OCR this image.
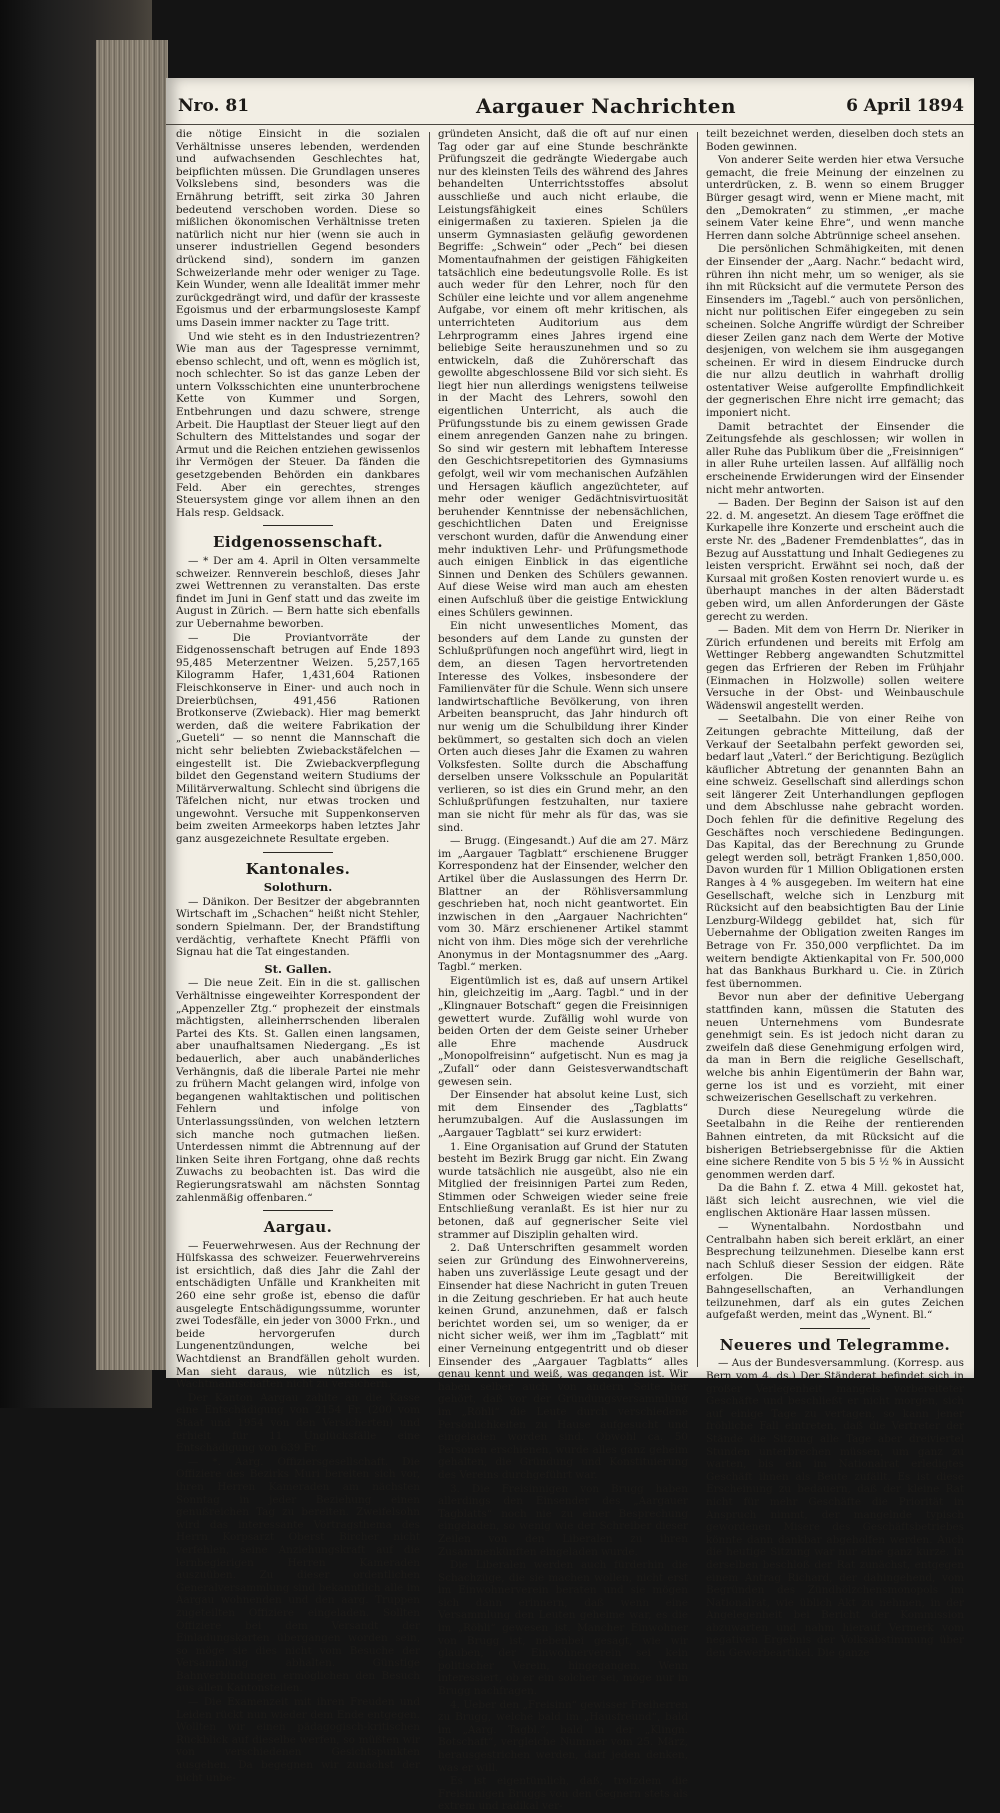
Nro. 81	Aargauer Nachrichten	6 April 1894

die nötige Einsicht in die sozialen Verhältnisse unseres lebenden, werdenden und aufwachsenden Geschlechtes hat, beipflichten müssen. Die Grundlagen unseres Volkslebens sind, besonders was die Ernährung betrifft, seit zirka 30 Jahren bedeutend verschoben worden. Diese so mißlichen ökonomischen Verhältnisse treten natürlich nicht nur hier (wenn sie auch in unserer industriellen Gegend besonders drückend sind), sondern im ganzen Schweizerlande mehr oder weniger zu Tage. Kein Wunder, wenn alle Idealität immer mehr zurückgedrängt wird, und dafür der krasseste Egoismus und der erbarmungsloseste Kampf ums Dasein immer nackter zu Tage tritt.

Und wie steht es in den Industriezentren? Wie man aus der Tagespresse vernimmt, ebenso schlecht, und oft, wenn es möglich ist, noch schlechter. So ist das ganze Leben der untern Volksschichten eine ununterbrochene Kette von Kummer und Sorgen, Entbehrungen und dazu schwere, strenge Arbeit. Die Hauptlast der Steuer liegt auf den Schultern des Mittelstandes und sogar der Armut und die Reichen entziehen gewissenlos ihr Vermögen der Steuer. Da fänden die gesetzgebenden Behörden ein dankbares Feld. Aber ein gerechtes, strenges Steuersystem ginge vor allem ihnen an den Hals resp. Geldsack.

Eidgenossenschaft.

— * Der am 4. April in Olten versammelte schweizer. Rennverein beschloß, dieses Jahr zwei Wettrennen zu veranstalten. Das erste findet im Juni in Genf statt und das zweite im August in Zürich. — Bern hatte sich ebenfalls zur Uebernahme beworben.

— Die Proviantvorräte der Eidgenossenschaft betrugen auf Ende 1893 95,485 Meterzentner Weizen. 5,257,165 Kilogramm Hafer, 1,431,604 Rationen Fleischkonserve in Einer- und auch noch in Dreierbüchsen, 491,456 Rationen Brotkonserve (Zwieback). Hier mag bemerkt werden, daß die weitere Fabrikation der „Gueteli“ — so nennt die Mannschaft die nicht sehr beliebten Zwiebackstäfelchen — eingestellt ist. Die Zwiebackverpflegung bildet den Gegenstand weitern Studiums der Militärverwaltung. Schlecht sind übrigens die Täfelchen nicht, nur etwas trocken und ungewohnt. Versuche mit Suppenkonserven beim zweiten Armeekorps haben letztes Jahr ganz ausgezeichnete Resultate ergeben.

Kantonales.
Solothurn.

— Dänikon. Der Besitzer der abgebrannten Wirtschaft im „Schachen“ heißt nicht Stehler, sondern Spielmann. Der, der Brandstiftung verdächtig, verhaftete Knecht Pfäffli von Signau hat die Tat eingestanden.

St. Gallen.

— Die neue Zeit. Ein in die st. gallischen Verhältnisse eingeweihter Korrespondent der „Appenzeller Ztg.“ prophezeit der einstmals mächtigsten, alleinherrschenden liberalen Partei des Kts. St. Gallen einen langsamen, aber unaufhaltsamen Niedergang. „Es ist bedauerlich, aber auch unabänderliches Verhängnis, daß die liberale Partei nie mehr zu frühern Macht gelangen wird, infolge von begangenen wahltaktischen und politischen Fehlern und infolge von Unterlassungssünden, von welchen letztern sich manche noch gutmachen ließen. Unterdessen nimmt die Abtrennung auf der linken Seite ihren Fortgang, ohne daß rechts Zuwachs zu beobachten ist. Das wird die Regierungsratswahl am nächsten Sonntag zahlenmäßig offenbaren.“

Aargau.

— Feuerwehrwesen. Aus der Rechnung der Hülfskassa des schweizer. Feuerwehrvereins ist ersichtlich, daß dies Jahr die Zahl der entschädigten Unfälle und Krankheiten mit 260 eine sehr große ist, ebenso die dafür ausgelegte Entschädigungssumme, worunter zwei Todesfälle, ein jeder von 3000 Frkn., und beide hervorgerufen durch Lungenentzündungen, welche bei Wachtdienst an Brandfällen geholt wurden. Man sieht daraus, wie nützlich es ist, Wachtmannschaften nicht zu versichern.

Der Kanton Aargau zahlte an die Kasse eine Entschädigung von 2154 Fr. (200 vom Staat und 1954 von den Versicherten) und erhielt für 11 Unglücksfälle eine Entschädigung von 639 Fr.

— *. Aarg. Offiziersgesellschaft. Die Offiziere des Bezirks Muri bereiten sich vor, ihren Herren Kameraden am nächsten Sonntag in jeder Beziehung einen genußreichen Tag zu bereiten. Zweifelsohn wird das interessante Vortragsthema des Herrn Korpsarzt Oberst Bircher nicht verfehlen, seine Anziehungskraft auf die lernbegierigen Herren Kameraden auszuüben. Zu dieser ordentlichen Generalversammlung sind bekanntlich alle im Aargau wohnenden und den aarg. Truppen zugeteilten Offiziere eingeladen. Sollten Offiziere bei dem Versandt der Einladungskarten übergangen worden sein, so möge sie dies nicht vom Besuche der Versammlung abhalten. Günstige Bahnverbindungen ermöglichen den Besuch aus allen Kantonsteilen.

— Die Examenzeit mit ihren Freuden und Leiden rückt nun wieder dem Ende entgegen. Wollten wir einen pädagogisch-kritischen Rückblick auf dieselbe werfen, so müßten wir von verschiedenen Gesichtspunkten ausgehen. Da begegnen wir zunächst der nicht unbe-

gründeten Ansicht, daß die oft auf nur einen Tag oder gar auf eine Stunde beschränkte Prüfungszeit die gedrängte Wiedergabe auch nur des kleinsten Teils des während des Jahres behandelten Unterrichtsstoffes absolut ausschließe und auch nicht erlaube, die Leistungsfähigkeit eines Schülers einigermaßen zu taxieren. Spielen ja die unserm Gymnasiasten geläufig gewordenen Begriffe: „Schwein“ oder „Pech“ bei diesen Momentaufnahmen der geistigen Fähigkeiten tatsächlich eine bedeutungsvolle Rolle. Es ist auch weder für den Lehrer, noch für den Schüler eine leichte und vor allem angenehme Aufgabe, vor einem oft mehr kritischen, als unterrichteten Auditorium aus dem Lehrprogramm eines Jahres irgend eine beliebige Seite herauszunehmen und so zu entwickeln, daß die Zuhörerschaft das gewollte abgeschlossene Bild vor sich sieht. Es liegt hier nun allerdings wenigstens teilweise in der Macht des Lehrers, sowohl den eigentlichen Unterricht, als auch die Prüfungsstunde bis zu einem gewissen Grade einem anregenden Ganzen nahe zu bringen. So sind wir gestern mit lebhaftem Interesse den Geschichtsrepetitorien des Gymnasiums gefolgt, weil wir vom mechanischen Aufzählen und Hersagen käuflich angezüchteter, auf mehr oder weniger Gedächtnisvirtuosität beruhender Kenntnisse der nebensächlichen, geschichtlichen Daten und Ereignisse verschont wurden, dafür die Anwendung einer mehr induktiven Lehr- und Prüfungsmethode auch einigen Einblick in das eigentliche Sinnen und Denken des Schülers gewannen. Auf diese Weise wird man auch am ehesten einen Aufschluß über die geistige Entwicklung eines Schülers gewinnen.

Ein nicht unwesentliches Moment, das besonders auf dem Lande zu gunsten der Schlußprüfungen noch angeführt wird, liegt in dem, an diesen Tagen hervortretenden Interesse des Volkes, insbesondere der Familienväter für die Schule. Wenn sich unsere landwirtschaftliche Bevölkerung, von ihren Arbeiten beansprucht, das Jahr hindurch oft nur wenig um die Schulbildung ihrer Kinder bekümmert, so gestalten sich doch an vielen Orten auch dieses Jahr die Examen zu wahren Volksfesten. Sollte durch die Abschaffung derselben unsere Volksschule an Popularität verlieren, so ist dies ein Grund mehr, an den Schlußprüfungen festzuhalten, nur taxiere man sie nicht für mehr als für das, was sie sind.

— Brugg. (Eingesandt.) Auf die am 27. März im „Aargauer Tagblatt“ erschienene Brugger Korrespondenz hat der Einsender, welcher den Artikel über die Auslassungen des Herrn Dr. Blattner an der Röhlisversammlung geschrieben hat, noch nicht geantwortet. Ein inzwischen in den „Aargauer Nachrichten“ vom 30. März erschienener Artikel stammt nicht von ihm. Dies möge sich der verehrliche Anonymus in der Montagsnummer des „Aarg. Tagbl.“ merken.

Eigentümlich ist es, daß auf unsern Artikel hin, gleichzeitig im „Aarg. Tagbl.“ und in der „Klingnauer Botschaft“ gegen die Freisinnigen gewettert wurde. Zufällig wohl wurde von beiden Orten der dem Geiste seiner Urheber alle Ehre machende Ausdruck „Monopolfreisinn“ aufgetischt. Nun es mag ja „Zufall“ oder dann Geistesverwandtschaft gewesen sein.

Der Einsender hat absolut keine Lust, sich mit dem Einsender des „Tagblatts“ herumzubalgen. Auf die Auslassungen im „Aargauer Tagblatt“ sei kurz erwidert:

1. Eine Organisation auf Grund der Statuten besteht im Bezirk Brugg gar nicht. Ein Zwang wurde tatsächlich nie ausgeübt, also nie ein Mitglied der freisinnigen Partei zum Reden, Stimmen oder Schweigen wieder seine freie Entschließung veranlaßt. Es ist hier nur zu betonen, daß auf gegnerischer Seite viel strammer auf Disziplin gehalten wird.

2. Daß Unterschriften gesammelt worden seien zur Gründung des Einwohnervereins, haben uns zuverlässige Leute gesagt und der Einsender hat diese Nachricht in guten Treuen in die Zeitung geschrieben. Er hat auch heute keinen Grund, anzunehmen, daß er falsch berichtet worden sei, um so weniger, da er nicht sicher weiß, wer ihm im „Tagblatt“ mit einer Verneinung entgegentritt und ob dieser Einsender des „Aargauer Tagblatts“ alles genau kennt und weiß, was gegangen ist. Wir haben selber auch von andern Seite her gehört, daß vor der Gründungsversammlung im „Röhli“ die Leute durch verschiedene Persönlichkeiten zu Hause aufgesucht und eingeladen worden sind. Obwohl ca. 50 Personen erschienen, wurde alles ganz geheim gehalten, die Gründung und Konstituierung des Vereins durchgeführt war.

3. Die Freisinnigen von Brugg haben allerdings den Einsender des „Aargauer Tagblatts“ noch nie zu einer Besprechung eingeladen, so wenig wie der Schreiber dieser Zeilen von den Liberalen zu ihren Zusammenkünften eingeladen wurde.

Die Liberalen werden auch fürderhin die Schachzüge, die sie machen wollen, nicht erst im Einwohnerverein beraten und sie mögen sich dann erinnern, daß wenn eine Versammlung den Leuten geheime war, es die im „Röhli“ gewesen ist. Mancher Einwohner von Brugg ist, nebenbei gesagt, wie wir glauben, der Einwohnerverein sei kein politischer Verein, hingegangen. Wenn interessiert, ob er ein solcher sei, möge nur in Brugg nachfragen.

4. Ueber den „Freisinn“ gewisser Freiherren zu Brugg, welche bald im „Hausfreund“, bald im „Aarg. Tagbl.“, bald in der „Klingn. Botschaft“, vergleiche Nummer vom 25. März, herausgestrichen werden, darf jeden denken, was er will.

Es ist eigentümlich, daß, trotzdem die Freisinnigen Bruggs von den Gegnern stets als extrem und radikal ver-

teilt bezeichnet werden, dieselben doch stets an Boden gewinnen.

Von anderer Seite werden hier etwa Versuche gemacht, die freie Meinung der einzelnen zu unterdrücken, z. B. wenn so einem Brugger Bürger gesagt wird, wenn er Miene macht, mit den „Demokraten“ zu stimmen, „er mache seinem Vater keine Ehre“, und wenn manche Herren dann solche Abtrünnige scheel ansehen.

Die persönlichen Schmähigkeiten, mit denen der Einsender der „Aarg. Nachr.“ bedacht wird, rühren ihn nicht mehr, um so weniger, als sie ihn mit Rücksicht auf die vermutete Person des Einsenders im „Tagebl.“ auch von persönlichen, nicht nur politischen Eifer eingegeben zu sein scheinen. Solche Angriffe würdigt der Schreiber dieser Zeilen ganz nach dem Werte der Motive desjenigen, von welchem sie ihm ausgegangen scheinen. Er wird in diesem Eindrucke durch die nur allzu deutlich in wahrhaft drollig ostentativer Weise aufgerollte Empfindlichkeit der gegnerischen Ehre nicht irre gemacht; das imponiert nicht.

Damit betrachtet der Einsender die Zeitungsfehde als geschlossen; wir wollen in aller Ruhe das Publikum über die „Freisinnigen“ in aller Ruhe urteilen lassen. Auf allfällig noch erscheinende Erwiderungen wird der Einsender nicht mehr antworten.

— Baden. Der Beginn der Saison ist auf den 22. d. M. angesetzt. An diesem Tage eröffnet die Kurkapelle ihre Konzerte und erscheint auch die erste Nr. des „Badener Fremdenblattes“, das in Bezug auf Ausstattung und Inhalt Gediegenes zu leisten verspricht. Erwähnt sei noch, daß der Kursaal mit großen Kosten renoviert wurde u. es überhaupt manches in der alten Bäderstadt geben wird, um allen Anforderungen der Gäste gerecht zu werden.

— Baden. Mit dem von Herrn Dr. Nieriker in Zürich erfundenen und bereits mit Erfolg am Wettinger Rebberg angewandten Schutzmittel gegen das Erfrieren der Reben im Frühjahr (Einmachen in Holzwolle) sollen weitere Versuche in der Obst- und Weinbauschule Wädenswil angestellt werden.

— Seetalbahn. Die von einer Reihe von Zeitungen gebrachte Mitteilung, daß der Verkauf der Seetalbahn perfekt geworden sei, bedarf laut „Vaterl.“ der Berichtigung. Bezüglich käuflicher Abtretung der genannten Bahn an eine schweiz. Gesellschaft sind allerdings schon seit längerer Zeit Unterhandlungen gepflogen und dem Abschlusse nahe gebracht worden. Doch fehlen für die definitive Regelung des Geschäftes noch verschiedene Bedingungen. Das Kapital, das der Berechnung zu Grunde gelegt werden soll, beträgt Franken 1,850,000. Davon wurden für 1 Million Obligationen ersten Ranges à 4 % ausgegeben. Im weitern hat eine Gesellschaft, welche sich in Lenzburg mit Rücksicht auf den beabsichtigten Bau der Linie Lenzburg-Wildegg gebildet hat, sich für Uebernahme der Obligation zweiten Ranges im Betrage von Fr. 350,000 verpflichtet. Da im weitern bendigte Aktienkapital von Fr. 500,000 hat das Bankhaus Burkhard u. Cie. in Zürich fest übernommen.

Bevor nun aber der definitive Uebergang stattfinden kann, müssen die Statuten des neuen Unternehmens vom Bundesrate genehmigt sein. Es ist jedoch nicht daran zu zweifeln daß diese Genehmigung erfolgen wird, da man in Bern die reigliche Gesellschaft, welche bis anhin Eigentümerin der Bahn war, gerne los ist und es vorzieht, mit einer schweizerischen Gesellschaft zu verkehren.

Durch diese Neuregelung würde die Seetalbahn in die Reihe der rentierenden Bahnen eintreten, da mit Rücksicht auf die bisherigen Betriebsergebnisse für die Aktien eine sichere Rendite von 5 bis 5 ½ % in Aussicht genommen werden darf.

Da die Bahn f. Z. etwa 4 Mill. gekostet hat, läßt sich leicht ausrechnen, wie viel die englischen Aktionäre Haar lassen müssen.

— Wynentalbahn. Nordostbahn und Centralbahn haben sich bereit erklärt, an einer Besprechung teilzunehmen. Dieselbe kann erst nach Schluß dieser Session der eidgen. Räte erfolgen. Die Bereitwilligkeit der Bahngesellschaften, an Verhandlungen teilzunehmen, darf als ein gutes Zeichen aufgefaßt werden, meint das „Wynent. Bl.“

Neueres und Telegramme.

— Aus der Bundesversammlung. (Korresp. aus Bern vom 4. ds.) Der Ständerat befindet sich in großer Verlegenheit mangels vorbereiteter Geschäfte und beschließt er nicht morgen, sich auf einige Tage zu vertagen, so kann jener fröhliche Fall eintreten, daß die Vertreter der Stände die Sitzung alle Tage aber dreiviertel Stunden unterbrechen müssen, um ganz zu warten, bis ein im Nationalrat erledigtes Geschäft ihnen als Beute zufällt. Es ist diese Erscheinung zu bedauern, daß der kleine Rat nicht für mehr Geschäfte die Priorität in Anspruch nimmt, der mangelnde typisch gewordenen Misere des Geschäftsbetriebes könnte dann dankbar abgeholfen werden. Auch die heutige Sitzung war nur eine ganz kurze. In derselben beschloß der Rat zunächst, entgegen einem Antrag Richard, der dahingehend, vom Begründen des Zündhölzchensmonopols im Nationalrat, wie üblich Akt zu nehmen, in der Angelegenheit bei Bericht der Kommission abzuwarten und nahm hierauf Vermerk vom negativen Ergebnis der Volksabstimmung über den Gewerbeartikel. Die ganze
